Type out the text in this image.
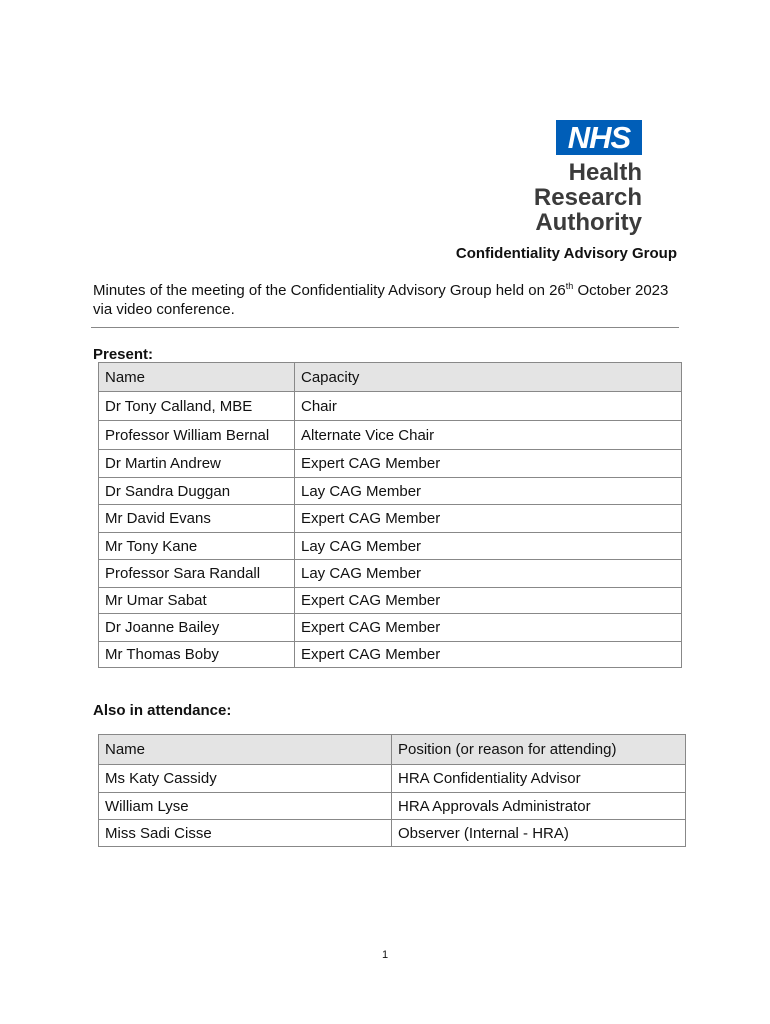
NHS
Health Research
Authority
Confidentiality Advisory Group
Minutes of the meeting of the Confidentiality Advisory Group held on 26th October 2023 via video conference.
Present:
Name	Capacity
Dr Tony Calland, MBE	Chair
Professor William Bernal	Alternate Vice Chair
Dr Martin Andrew	Expert CAG Member
Dr Sandra Duggan	Lay CAG Member
Mr David Evans	Expert CAG Member
Mr Tony Kane	Lay CAG Member
Professor Sara Randall	Lay CAG Member
Mr Umar Sabat	Expert CAG Member
Dr Joanne Bailey	Expert CAG Member
Mr Thomas Boby	Expert CAG Member
Also in attendance:
Name	Position (or reason for attending)
Ms Katy Cassidy	HRA Confidentiality Advisor
William Lyse	HRA Approvals Administrator
Miss Sadi Cisse	Observer (Internal - HRA)
1
